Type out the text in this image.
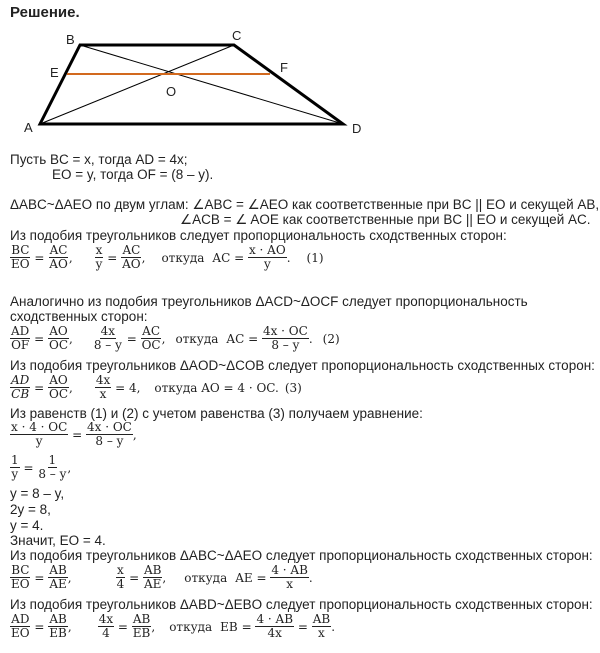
Решение.
B	C
E	F
O
A	D
Пусть BC = x, тогда AD = 4x;
EO = y, тогда OF = (8 – y).
ΔABC~ΔAEO по двум углам: ∠ABC = ∠AEO как соответственные при BC || EO и секущей AB,
∠ACB = ∠ AOE как соответственные при BC || EO и секущей AC.
Из подобия треугольников следует пропорциональность сходственных сторон:
$\frac{BC}{EO} = \frac{AC}{AO}$ , $\frac{x}{y} = \frac{AC}{AO}$ , откуда AC =
$\frac{x \cdot AO}{y}$ . (1)
Аналогично из подобия треугольников ΔACD~ΔOCF следует пропорциональность
сходственных сторон:
$\frac{AD}{OF} = \frac{AO}{OC}$ , $\frac{4x}{8 - y} = \frac{AC}{OC}$ , откуда AC =
$\frac{4x \cdot OC}{8 - y}$ . (2)
Из подобия треугольников ΔAOD~ΔCOB следует пропорциональность сходственных сторон:
$\frac{AD}{CB} = \frac{AO}{OC}$ , $\frac{4x}{x}$
= 4, откуда AO = 4 · OC. (3)
Из равенств (1) и (2) с учетом равенства (3) получаем уравнение:
$\frac{x \cdot 4 \cdot OC}{y} = \frac{4x \cdot OC}{8 - y}$ ,
$\frac{1}{y} = \frac{1}{8 - y}$ ,
y = 8 – y,
2y = 8,
y = 4.
Значит, EO = 4.
Из подобия треугольников ΔABC~ΔAEO следует пропорциональность сходственных сторон:
$\frac{BC}{EO} = \frac{AB}{AE}$ ,	$\frac{x}{4} = \frac{AB}{AE}$ , откуда AE =
$\frac{4 \cdot AB}{x}$ .
Из подобия треугольников ΔABD~ΔEBO следует пропорциональность сходственных сторон:
$\frac{AD}{EO} = \frac{AB}{EB}$ , $\frac{4x}{4} = \frac{AB}{EB}$ , откуда EB =
$\frac{4 \cdot AB}{4x} = \frac{AB}{x}$ .
